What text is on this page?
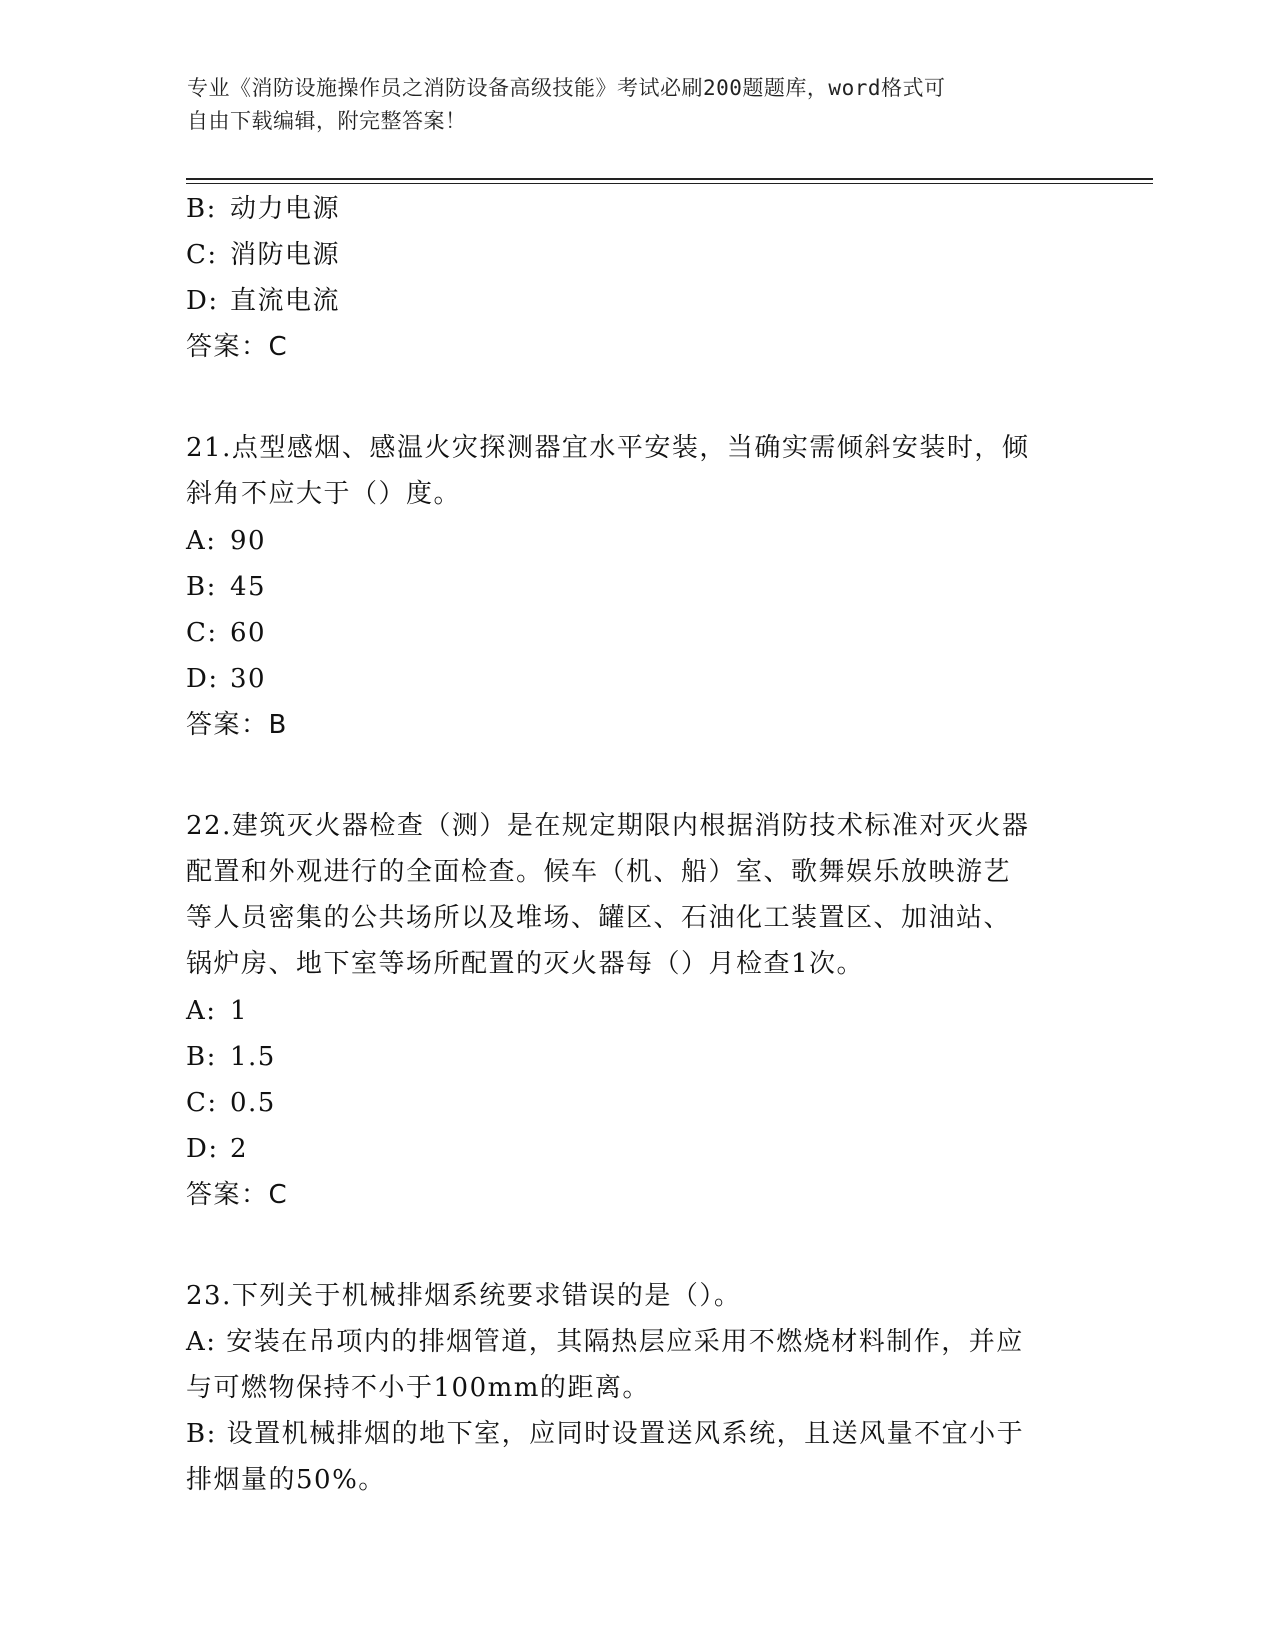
专业《消防设施操作员之消防设备高级技能》考试必刷200题题库，word格式可
自由下载编辑，附完整答案！
B: 动力电源
C: 消防电源
D: 直流电流
答案：C
21.点型感烟、感温火灾探测器宜水平安装，当确实需倾斜安装时，倾
斜角不应大于（）度。
A: 90
B: 45
C: 60
D: 30
答案：B
22.建筑灭火器检查（测）是在规定期限内根据消防技术标准对灭火器
配置和外观进行的全面检查。候车（机、船）室、歌舞娱乐放映游艺
等人员密集的公共场所以及堆场、罐区、石油化工装置区、加油站、
锅炉房、地下室等场所配置的灭火器每（）月检查1次。
A: 1
B: 1.5
C: 0.5
D: 2
答案：C
23.下列关于机械排烟系统要求错误的是（）。
A: 安装在吊项内的排烟管道，其隔热层应采用不燃烧材料制作，并应
与可燃物保持不小于100mm的距离。
B: 设置机械排烟的地下室，应同时设置送风系统，且送风量不宜小于
排烟量的50%。
